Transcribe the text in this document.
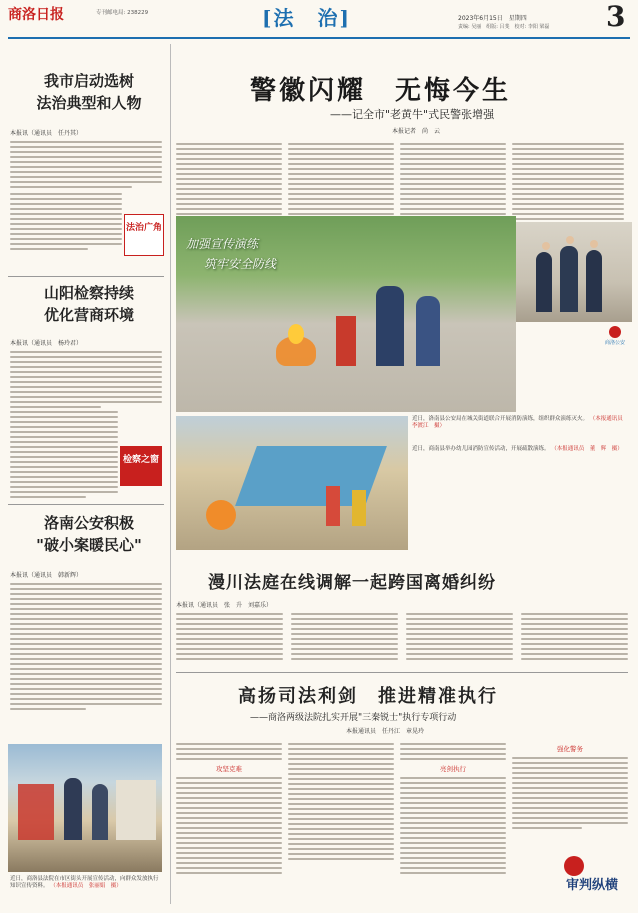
商洛日报	专刊邮电局: 238229	[法　治]	2023年6月15日　星期四
责编: 吴丽　组版: 吕斐　校对: 李阳 梁磊 3
我市启动选树
法治典型和人物
本报讯（通讯员　任丹其）
法治广角
山阳检察持续
优化营商环境
本报讯（通讯员　杨玲君）
检察之窗
洛南公安积极
"破小案暖民心"
本报讯（通讯员　韩新辉）
近日，商洛县法院在市区街头开展宣传活动，向群众发放执行知识宣传资料。 （本报通讯员　张丽娟　摄）
警徽闪耀　无悔今生
——记全市"老黄牛"式民警张增强
本报记者　尚　云
商洛公安
加强宣传演练
筑牢安全防线
近日，洛南县公安局在城关街道联合开展消防演练，组织群众演练灭火。 （本报通讯员　李渡江　摄）
近日，商南县举办幼儿园消防宣传活动，开展疏散演练。 （本报通讯员　董　辉　摄）
漫川法庭在线调解一起跨国离婚纠纷
本报讯（通讯员　张　升　刘嘉乐）
高扬司法利剑　推进精准执行
——商洛两级法院扎实开展"三秦锐士"执行专项行动
本报通讯员　任丹江　章晃玲
攻坚克难	亮剑执行
强化警务
审判纵横
